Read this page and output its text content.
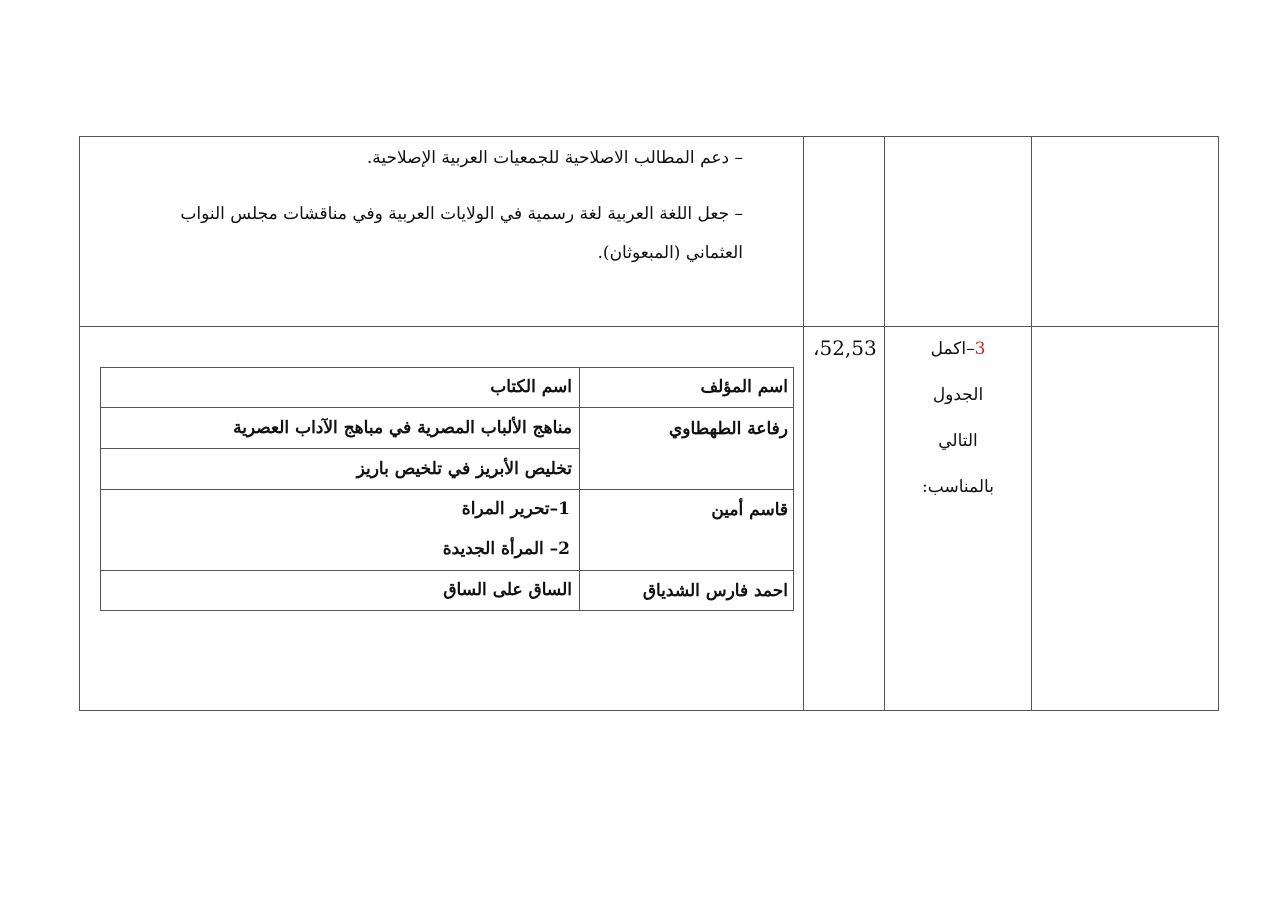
– دعم المطالب الاصلاحية للجمعيات العربية الإصلاحية.
– جعل اللغة العربية لغة رسمية في الولايات العربية وفي مناقشات مجلس النواب
العثماني (المبعوثان).
52,53،	3–اكمل
الجدول
التالي
بالمناسب:
اسم المؤلف
اسم الكتاب
رفاعة الطهطاوي
مناهج الألباب المصرية في مباهج الآداب العصرية
تخليص الأبريز في تلخيص باريز
قاسم أمين
1–تحرير المراة
2– المرأة الجديدة
احمد فارس الشدياق
الساق على الساق
